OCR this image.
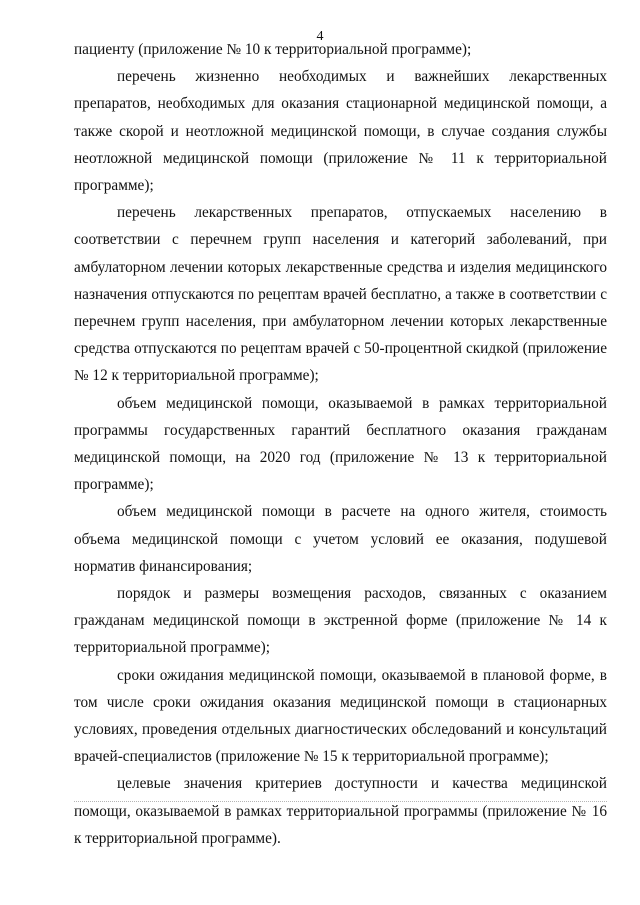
4

пациенту (приложение № 10 к территориальной программе);

перечень жизненно необходимых и важнейших лекарственных препаратов, необходимых для оказания стационарной медицинской помощи, а также скорой и неотложной медицинской помощи, в случае создания службы неотложной медицинской помощи (приложение № 11 к территориальной программе);

перечень лекарственных препаратов, отпускаемых населению в соответствии с перечнем групп населения и категорий заболеваний, при амбулаторном лечении которых лекарственные средства и изделия медицинского назначения отпускаются по рецептам врачей бесплатно, а также в соответствии с перечнем групп населения, при амбулаторном лечении которых лекарственные средства отпускаются по рецептам врачей с 50-процентной скидкой (приложение № 12 к территориальной программе);

объем медицинской помощи, оказываемой в рамках территориальной программы государственных гарантий бесплатного оказания гражданам медицинской помощи, на 2020 год (приложение № 13 к территориальной программе);

объем медицинской помощи в расчете на одного жителя, стоимость объема медицинской помощи с учетом условий ее оказания, подушевой норматив финансирования;

порядок и размеры возмещения расходов, связанных с оказанием гражданам медицинской помощи в экстренной форме (приложение № 14 к территориальной программе);

сроки ожидания медицинской помощи, оказываемой в плановой форме, в том числе сроки ожидания оказания медицинской помощи в стационарных условиях, проведения отдельных диагностических обследований и консультаций врачей-специалистов (приложение № 15 к территориальной программе);

целевые значения критериев доступности и качества медицинской помощи, оказываемой в рамках территориальной программы (приложение № 16 к территориальной программе).
